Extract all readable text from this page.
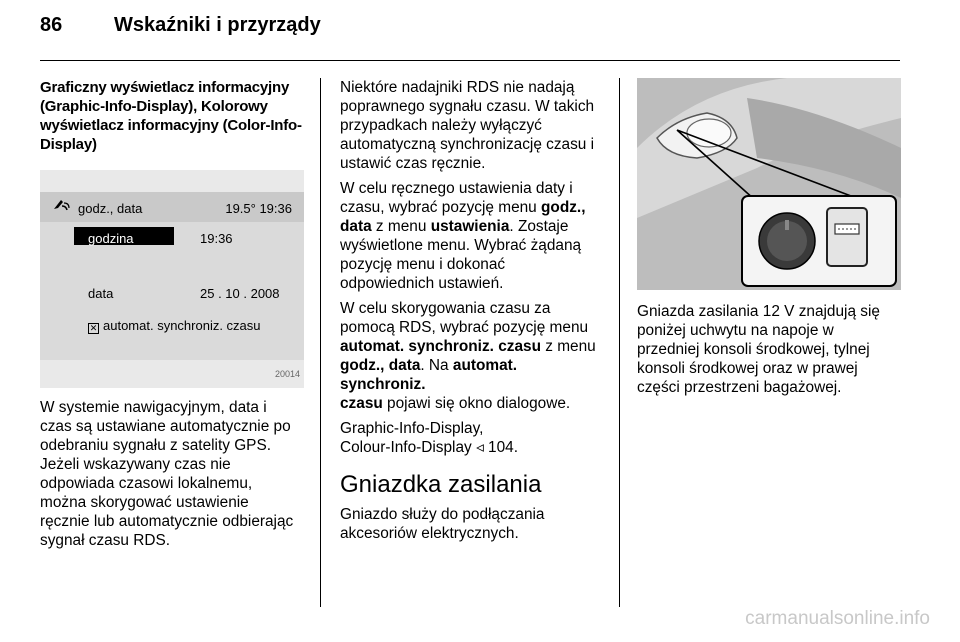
86	Wskaźniki i przyrządy
Graficzny wyświetlacz informacyjny
(Graphic-Info-Display), Kolorowy
wyświetlacz informacyjny (Color-Info-
Display)
godz., data	19.5° 19:36
godzina	19:36
data	25 . 10 . 2008
✕ automat. synchroniz. czasu
20014
W systemie nawigacyjnym, data i
czas są ustawiane automatycznie po
odebraniu sygnału z satelity GPS.
Jeżeli wskazywany czas nie
odpowiada czasowi lokalnemu,
można skorygować ustawienie
ręcznie lub automatycznie odbierając
sygnał czasu RDS.

Niektóre nadajniki RDS nie nadają
poprawnego sygnału czasu. W takich
przypadkach należy wyłączyć
automatyczną synchronizację czasu i
ustawić czas ręcznie.

W celu ręcznego ustawienia daty i
czasu, wybrać pozycję menu godz.,
data z menu ustawienia. Zostaje
wyświetlone menu. Wybrać żądaną
pozycję menu i dokonać
odpowiednich ustawień.

W celu skorygowania czasu za
pomocą RDS, wybrać pozycję menu
automat. synchroniz. czasu z menu
godz., data. Na automat. synchroniz.
czasu pojawi się okno dialogowe.

Graphic-Info-Display,
Colour-Info-Display ◃ 104.

Gniazdka zasilania

Gniazdo służy do podłączania
akcesoriów elektrycznych.

Gniazda zasilania 12 V znajdują się
poniżej uchwytu na napoje w
przedniej konsoli środkowej, tylnej
konsoli środkowej oraz w prawej
części przestrzeni bagażowej.
carmanualsonline.info
